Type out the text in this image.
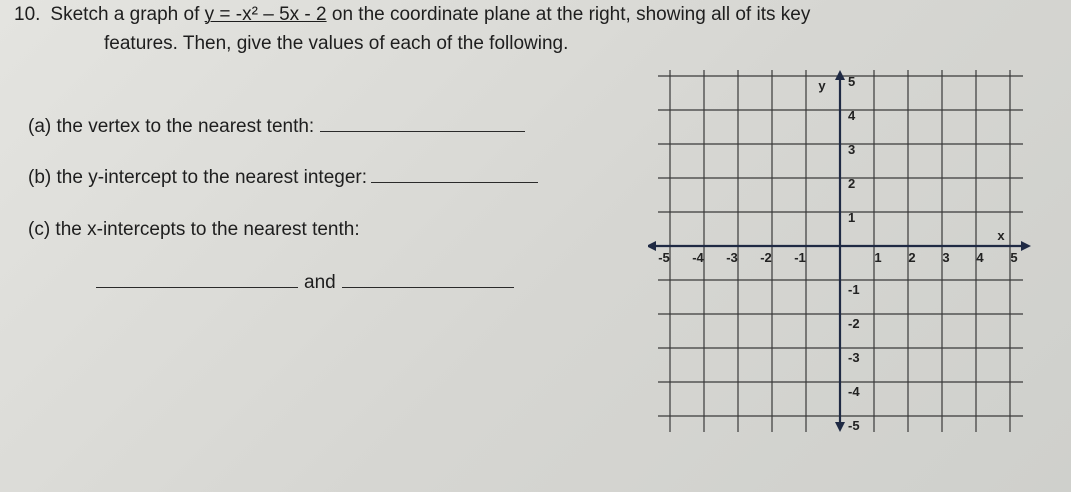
10. Sketch a graph of y = -x² – 5x - 2 on the coordinate plane at the right, showing all of its key
features. Then, give the values of each of the following.
(a) the vertex to the nearest tenth:
(b) the y-intercept to the nearest integer:
(c) the x-intercepts to the nearest tenth:
and
-5 -4 -3 -2 -1	1 2 3 4 5
5
4
3
2
1
-1
-2
-3
-4
-5
x
y
